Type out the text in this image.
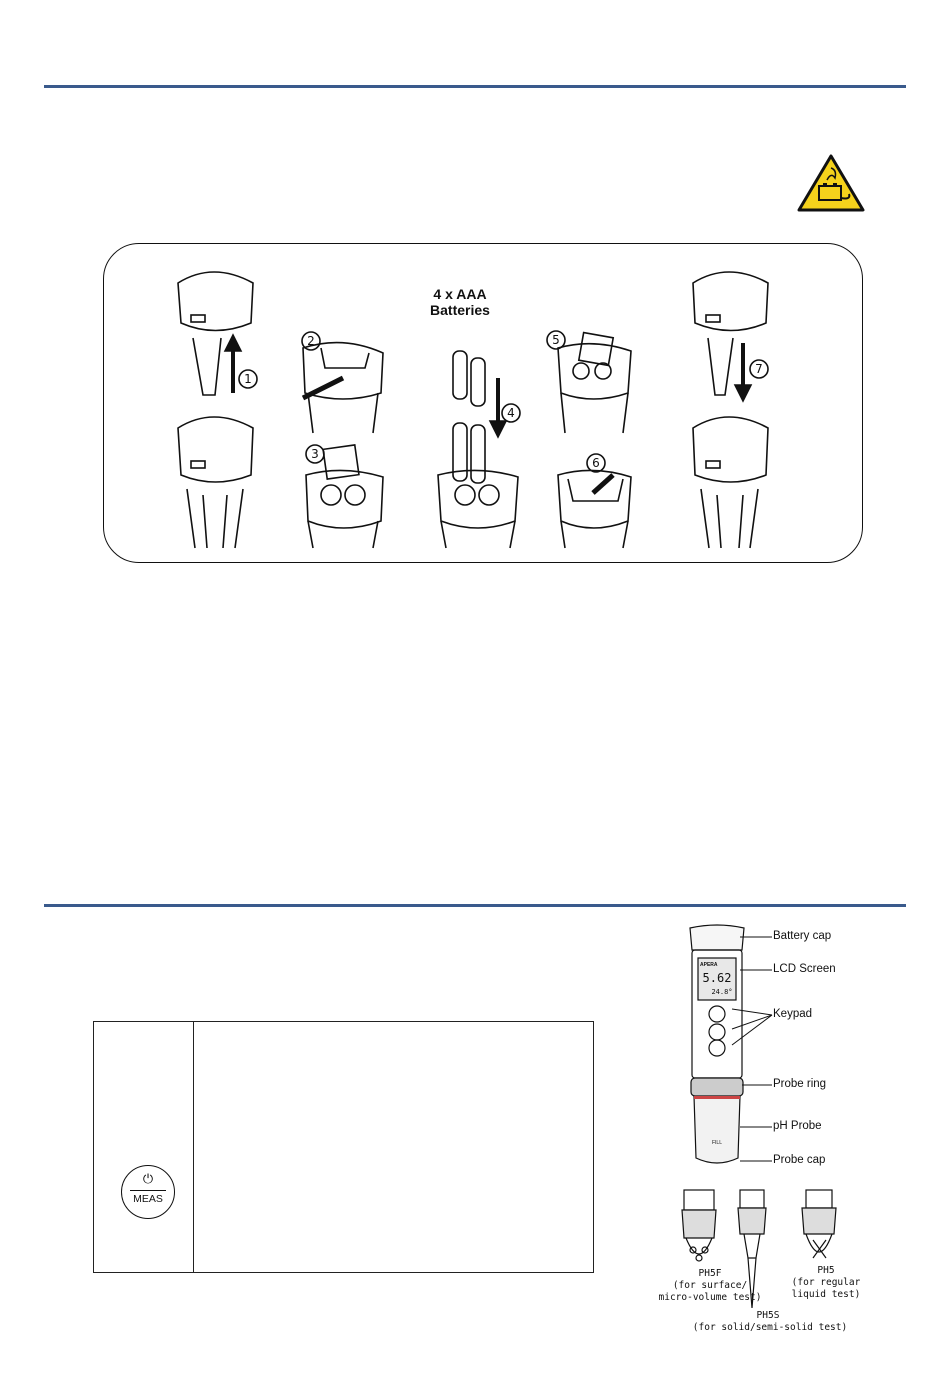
4 x AAA
Batteries
1
2
3
4
5
6
7
⏻
MEAS
APERA
5.62
24.8°
FILL
Battery cap
LCD Screen
Keypad
Probe ring
pH Probe
Probe cap
PH5F
(for surface/
micro-volume test)
PH5
(for regular
liquid test)
PH5S
(for solid/semi-solid test)
